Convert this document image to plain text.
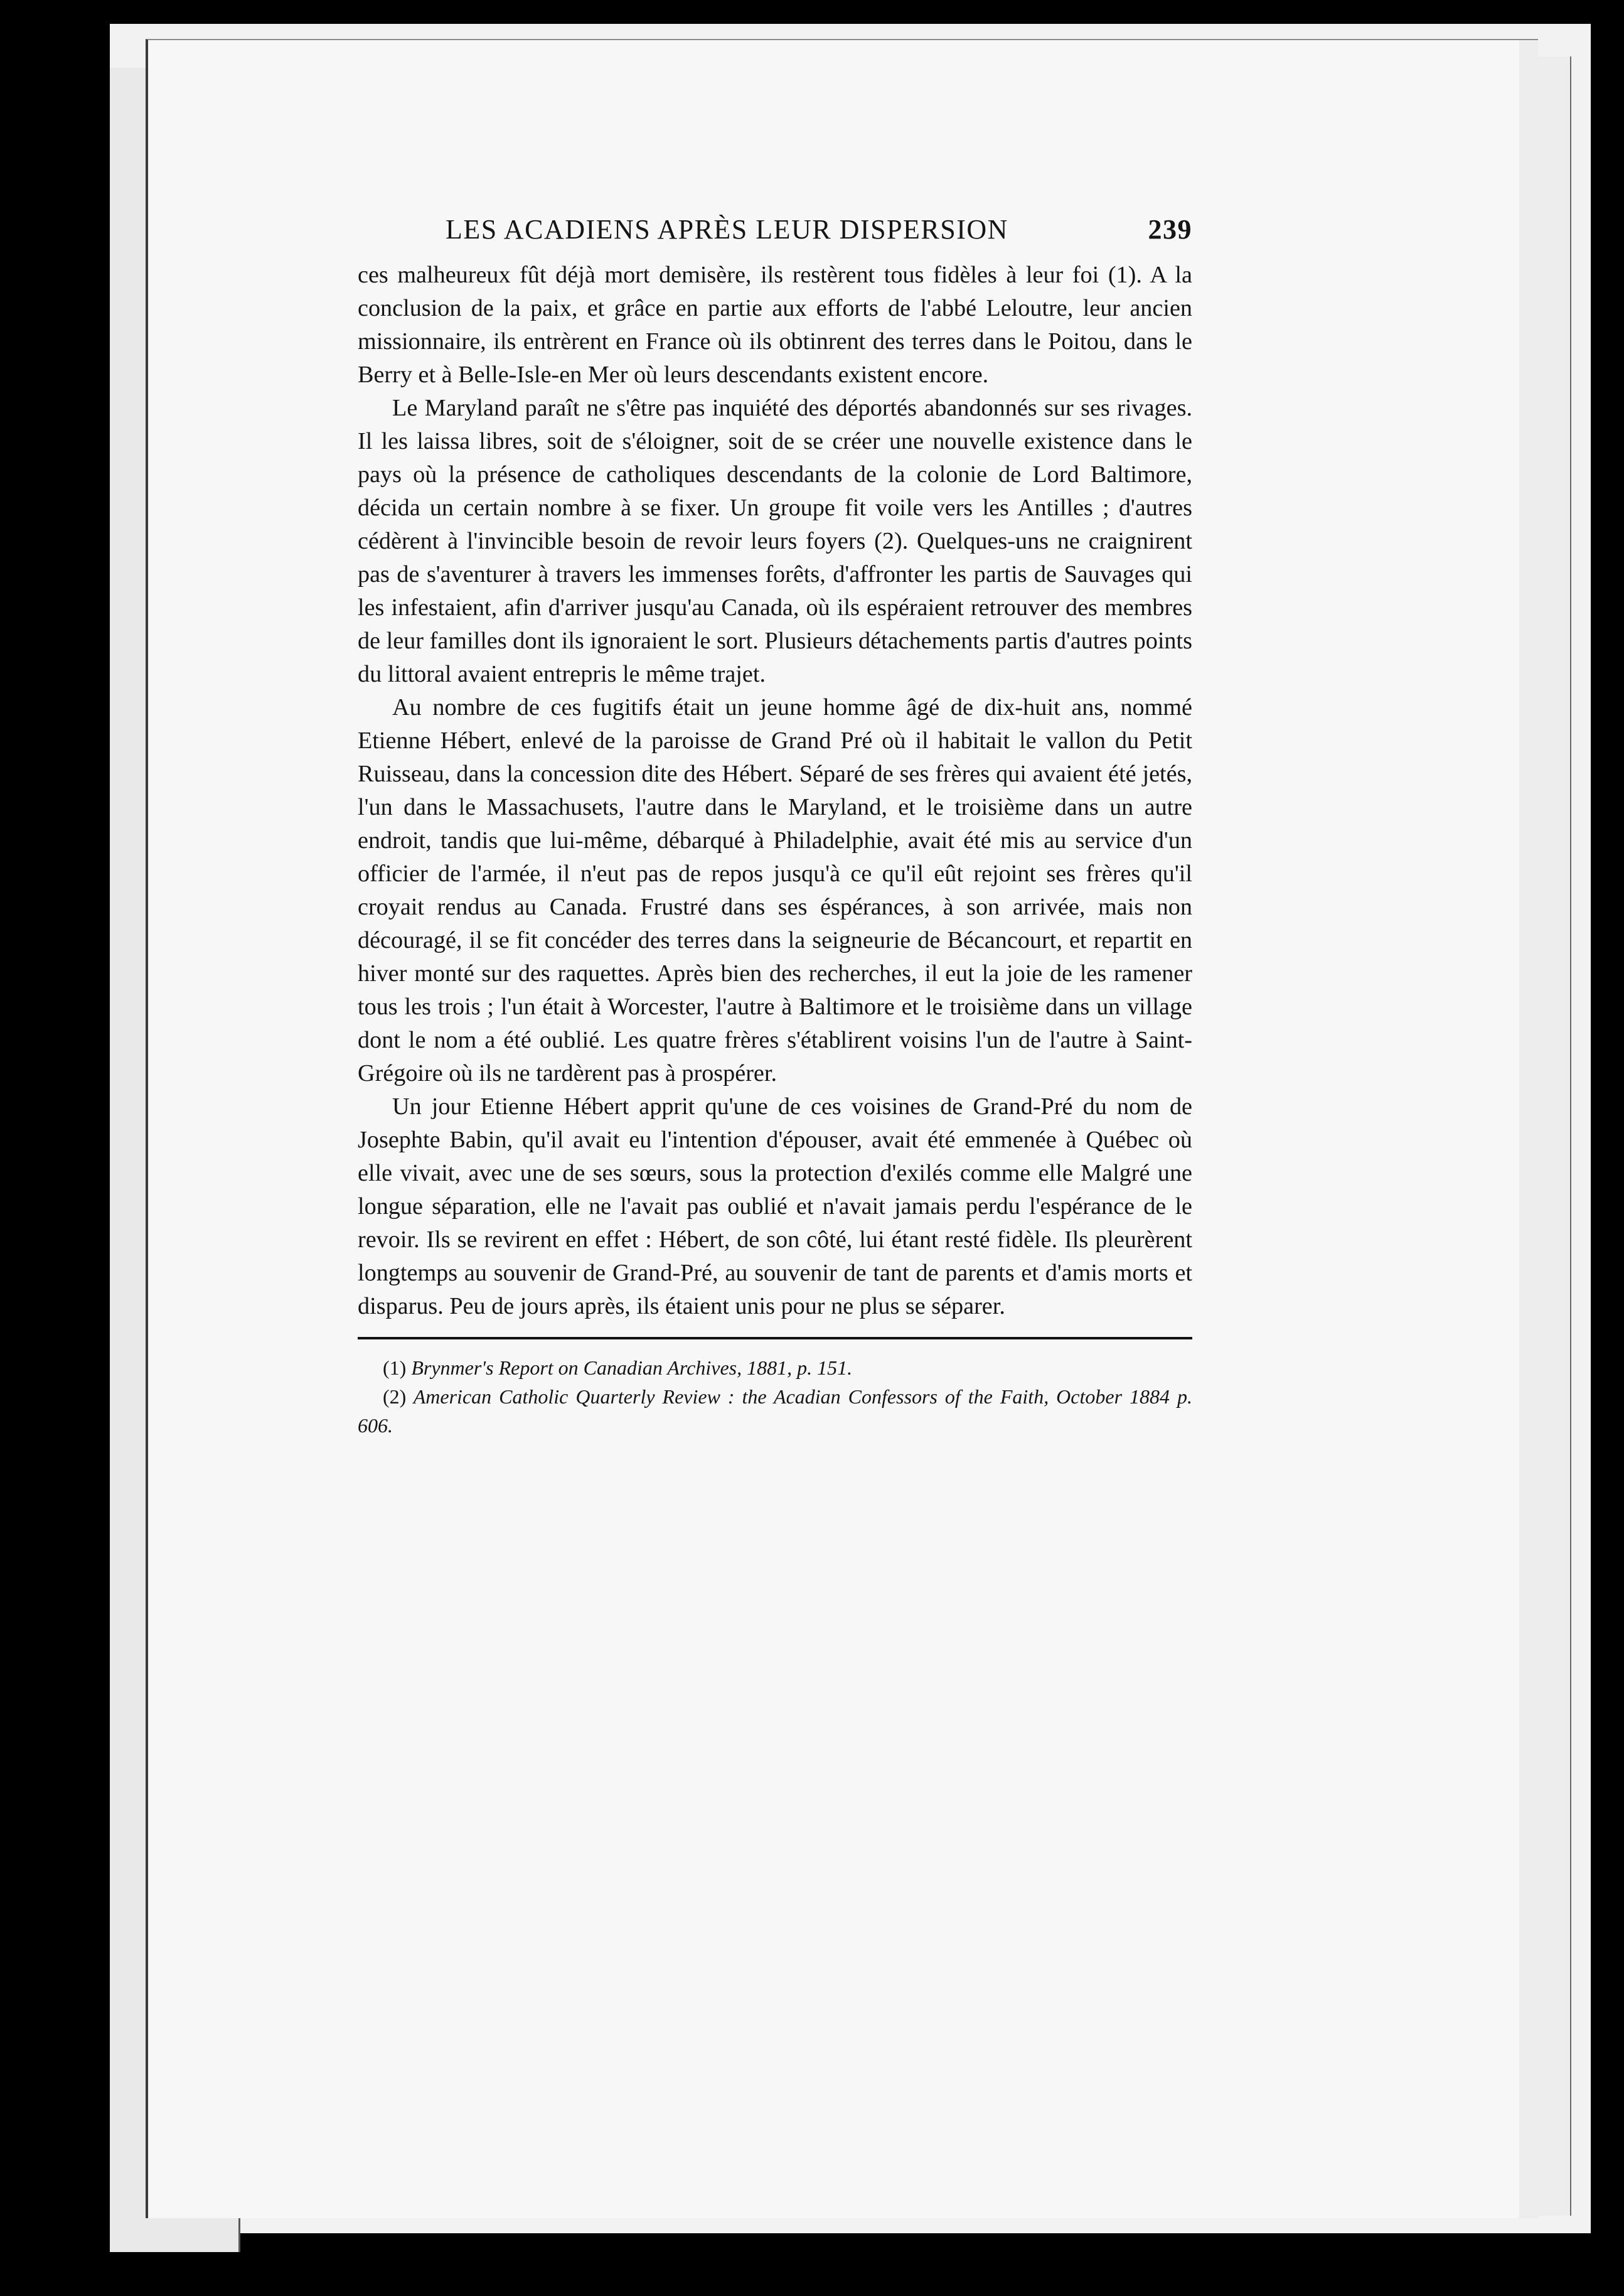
LES ACADIENS APRÈS LEUR DISPERSION	239

ces malheureux fût déjà mort demisère, ils restèrent tous fidèles à leur foi (1). A la conclusion de la paix, et grâce en partie aux efforts de l'abbé Leloutre, leur ancien missionnaire, ils entrèrent en France où ils obtinrent des terres dans le Poitou, dans le Berry et à Belle-Isle-en Mer où leurs descendants existent encore.

Le Maryland paraît ne s'être pas inquiété des déportés abandonnés sur ses rivages. Il les laissa libres, soit de s'éloigner, soit de se créer une nouvelle existence dans le pays où la présence de catholiques descendants de la colonie de Lord Baltimore, décida un certain nombre à se fixer. Un groupe fit voile vers les Antilles ; d'autres cédèrent à l'invincible besoin de revoir leurs foyers (2). Quelques-uns ne craignirent pas de s'aventurer à travers les immenses forêts, d'affronter les partis de Sauvages qui les infestaient, afin d'arriver jusqu'au Canada, où ils espéraient retrouver des membres de leur familles dont ils ignoraient le sort. Plusieurs détachements partis d'autres points du littoral avaient entrepris le même trajet.

Au nombre de ces fugitifs était un jeune homme âgé de dix-huit ans, nommé Etienne Hébert, enlevé de la paroisse de Grand Pré où il habitait le vallon du Petit Ruisseau, dans la concession dite des Hébert. Séparé de ses frères qui avaient été jetés, l'un dans le Massachusets, l'autre dans le Maryland, et le troisième dans un autre endroit, tandis que lui-même, débarqué à Philadelphie, avait été mis au service d'un officier de l'armée, il n'eut pas de repos jusqu'à ce qu'il eût rejoint ses frères qu'il croyait rendus au Canada. Frustré dans ses éspérances, à son arrivée, mais non découragé, il se fit concéder des terres dans la seigneurie de Bécancourt, et repartit en hiver monté sur des raquettes. Après bien des recherches, il eut la joie de les ramener tous les trois ; l'un était à Worcester, l'autre à Baltimore et le troisième dans un village dont le nom a été oublié. Les quatre frères s'établirent voisins l'un de l'autre à Saint-Grégoire où ils ne tardèrent pas à prospérer.

Un jour Etienne Hébert apprit qu'une de ces voisines de Grand-Pré du nom de Josephte Babin, qu'il avait eu l'intention d'épouser, avait été emmenée à Québec où elle vivait, avec une de ses sœurs, sous la protection d'exilés comme elle Malgré une longue séparation, elle ne l'avait pas oublié et n'avait jamais perdu l'espérance de le revoir. Ils se revirent en effet : Hébert, de son côté, lui étant resté fidèle. Ils pleurèrent longtemps au souvenir de Grand-Pré, au souvenir de tant de parents et d'amis morts et disparus. Peu de jours après, ils étaient unis pour ne plus se séparer.

(1) Brynmer's Report on Canadian Archives, 1881, p. 151.

(2) American Catholic Quarterly Review : the Acadian Confessors of the Faith, October 1884 p. 606.
